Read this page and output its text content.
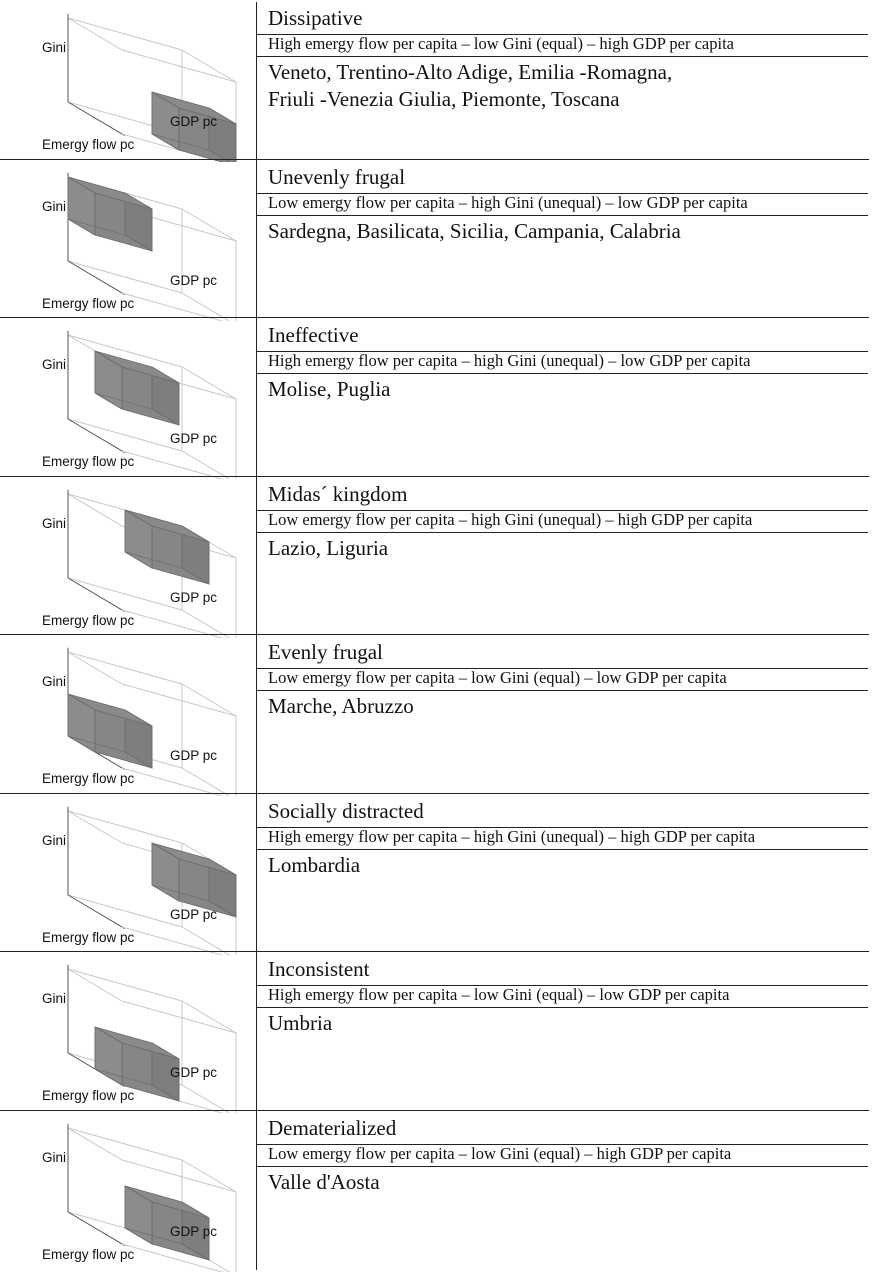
Gini
GDP pc
Emergy flow pc
Dissipative
High emergy flow per capita – low Gini (equal) – high GDP per capita
Veneto, Trentino-Alto Adige, Emilia -Romagna,
Friuli -Venezia Giulia, Piemonte, Toscana
Gini
GDP pc
Emergy flow pc
Unevenly frugal
Low emergy flow per capita – high Gini (unequal) – low GDP per capita
Sardegna, Basilicata, Sicilia, Campania, Calabria
Gini
GDP pc
Emergy flow pc
Ineffective
High emergy flow per capita – high Gini (unequal) – low GDP per capita
Molise, Puglia
Gini
GDP pc
Emergy flow pc
Midas´ kingdom
Low emergy flow per capita – high Gini (unequal) – high GDP per capita
Lazio, Liguria
Gini
GDP pc
Emergy flow pc
Evenly frugal
Low emergy flow per capita – low Gini (equal) – low GDP per capita
Marche, Abruzzo
Gini
GDP pc
Emergy flow pc
Socially distracted
High emergy flow per capita – high Gini (unequal) – high GDP per capita
Lombardia
Gini
GDP pc
Emergy flow pc
Inconsistent
High emergy flow per capita – low Gini (equal) – low GDP per capita
Umbria
Gini
GDP pc
Emergy flow pc
Dematerialized
Low emergy flow per capita – low Gini (equal) – high GDP per capita
Valle d'Aosta
